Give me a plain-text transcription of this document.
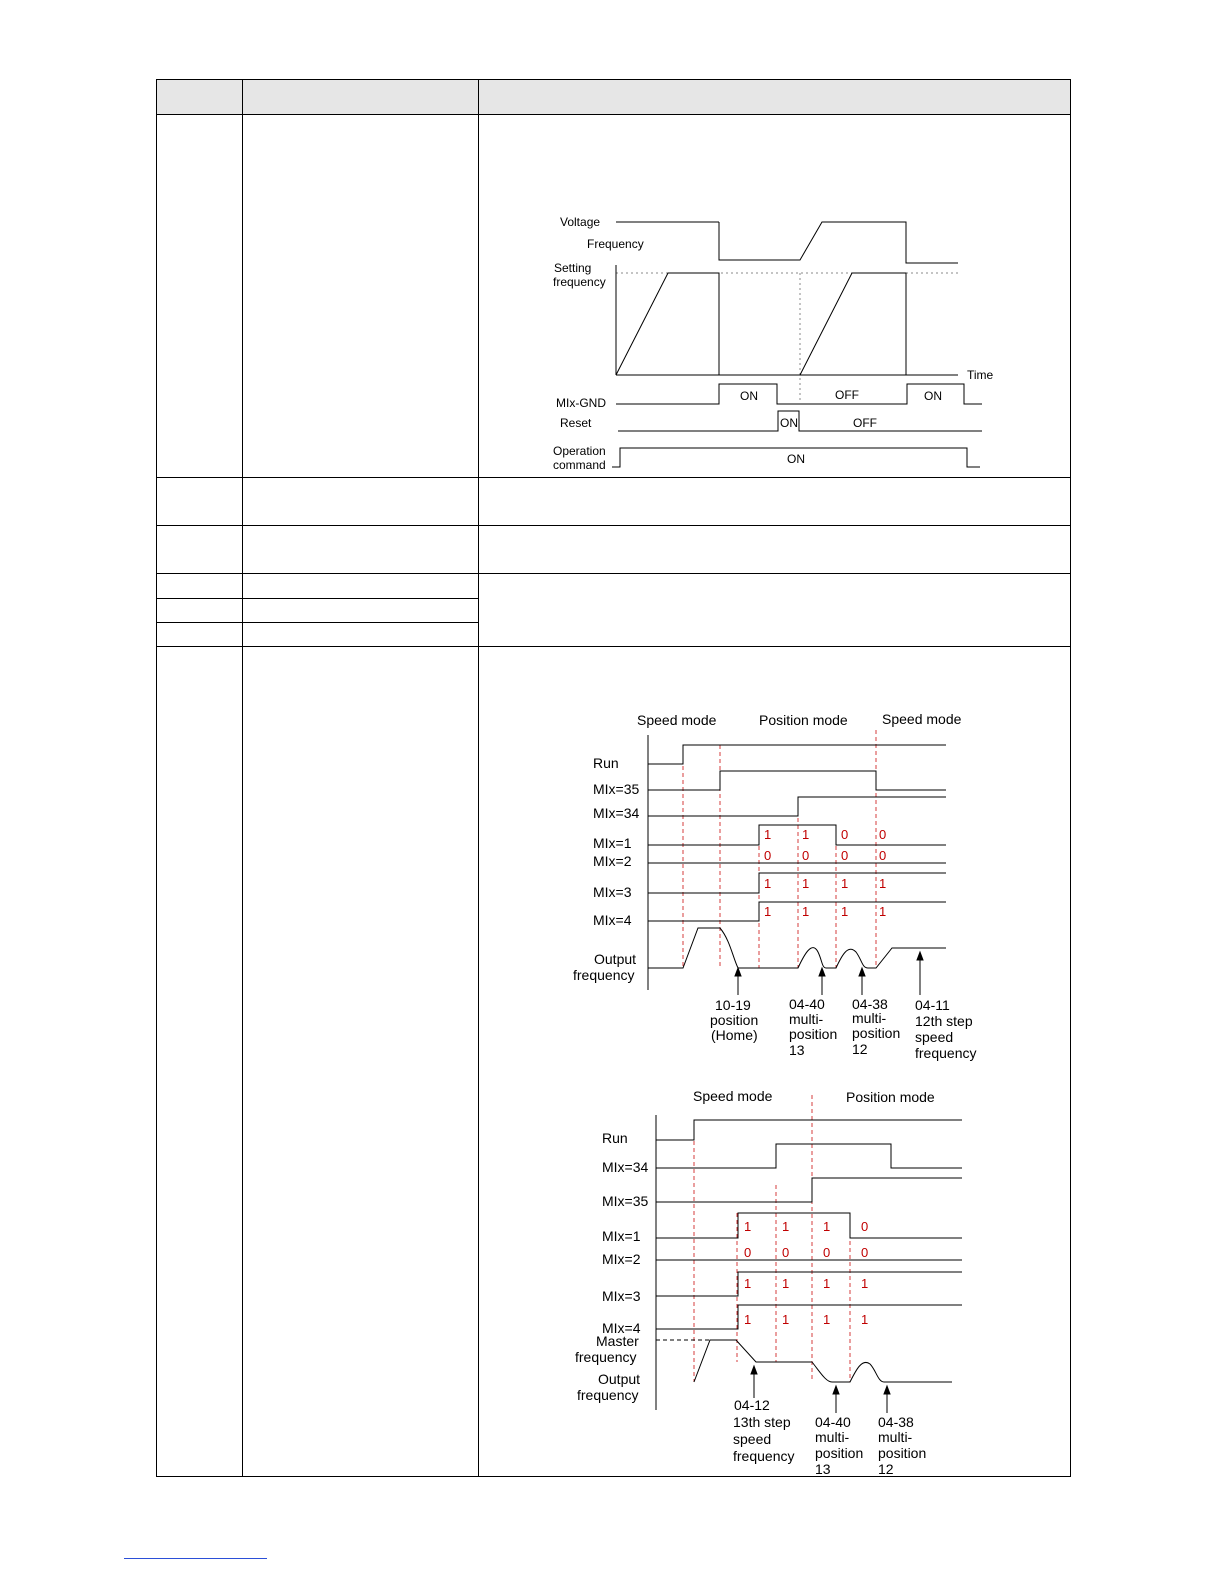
Voltage
Frequency
Setting
frequency
Time
MIx-GND	ON	OFF	ON
Reset	ON	OFF
Operation
command	ON
Speed mode	Position mode Speed mode
Run
MIx=35
MIx=34
MIx=1
MIx=2
MIx=3
MIx=4
1 1 0 0
0 0 0 0
1 1 1 1
1 1 1 1
Output
frequency
10-19
position
(Home)
04-40
multi-
position
13
04-38
multi-
position
12
04-11
12th step
speed
frequency
Speed mode	Position mode
Run
MIx=34
MIx=35
MIx=1
MIx=2
MIx=3
MIx=4
1 1	1 0
0 0	0 0
1 1	1 1
1 1	1 1
Master
frequency
Output
frequency
04-12
13th step
speed
frequency
04-40
multi-
position
13
04-38
multi-
position
12
